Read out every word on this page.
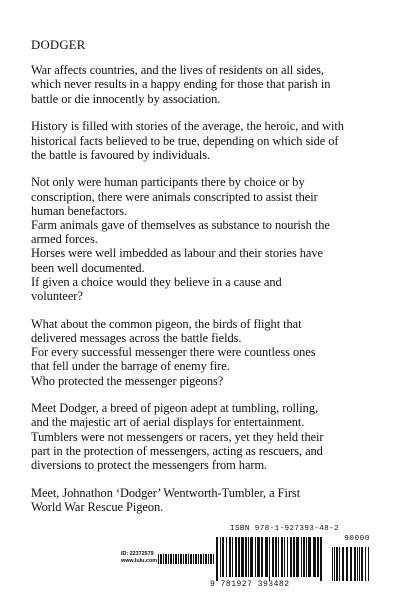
DODGER
War affects countries, and the lives of residents on all sides,
which never results in a happy ending for those that parish in
battle or die innocently by association.
History is filled with stories of the average, the heroic, and with
historical facts believed to be true, depending on which side of
the battle is favoured by individuals.
Not only were human participants there by choice or by
conscription, there were animals conscripted to assist their
human benefactors.
Farm animals gave of themselves as substance to nourish the
armed forces.
Horses were well imbedded as labour and their stories have
been well documented.
If given a choice would they believe in a cause and
volunteer?
What about the common pigeon, the birds of flight that
delivered messages across the battle fields.
For every successful messenger there were countless ones
that fell under the barrage of enemy fire.
Who protected the messenger pigeons?
Meet Dodger, a breed of pigeon adept at tumbling, rolling,
and the majestic art of aerial displays for entertainment.
Tumblers were not messengers or racers, yet they held their
part in the protection of messengers, acting as rescuers, and
diversions to protect the messengers from harm.
Meet, Johnathon ‘Dodger’ Wentworth-Tumbler, a First
World War Rescue Pigeon.
ID: 22372579
www.lulu.com
ISBN 978-1-927393-48-2
90000
9 781927 393482
